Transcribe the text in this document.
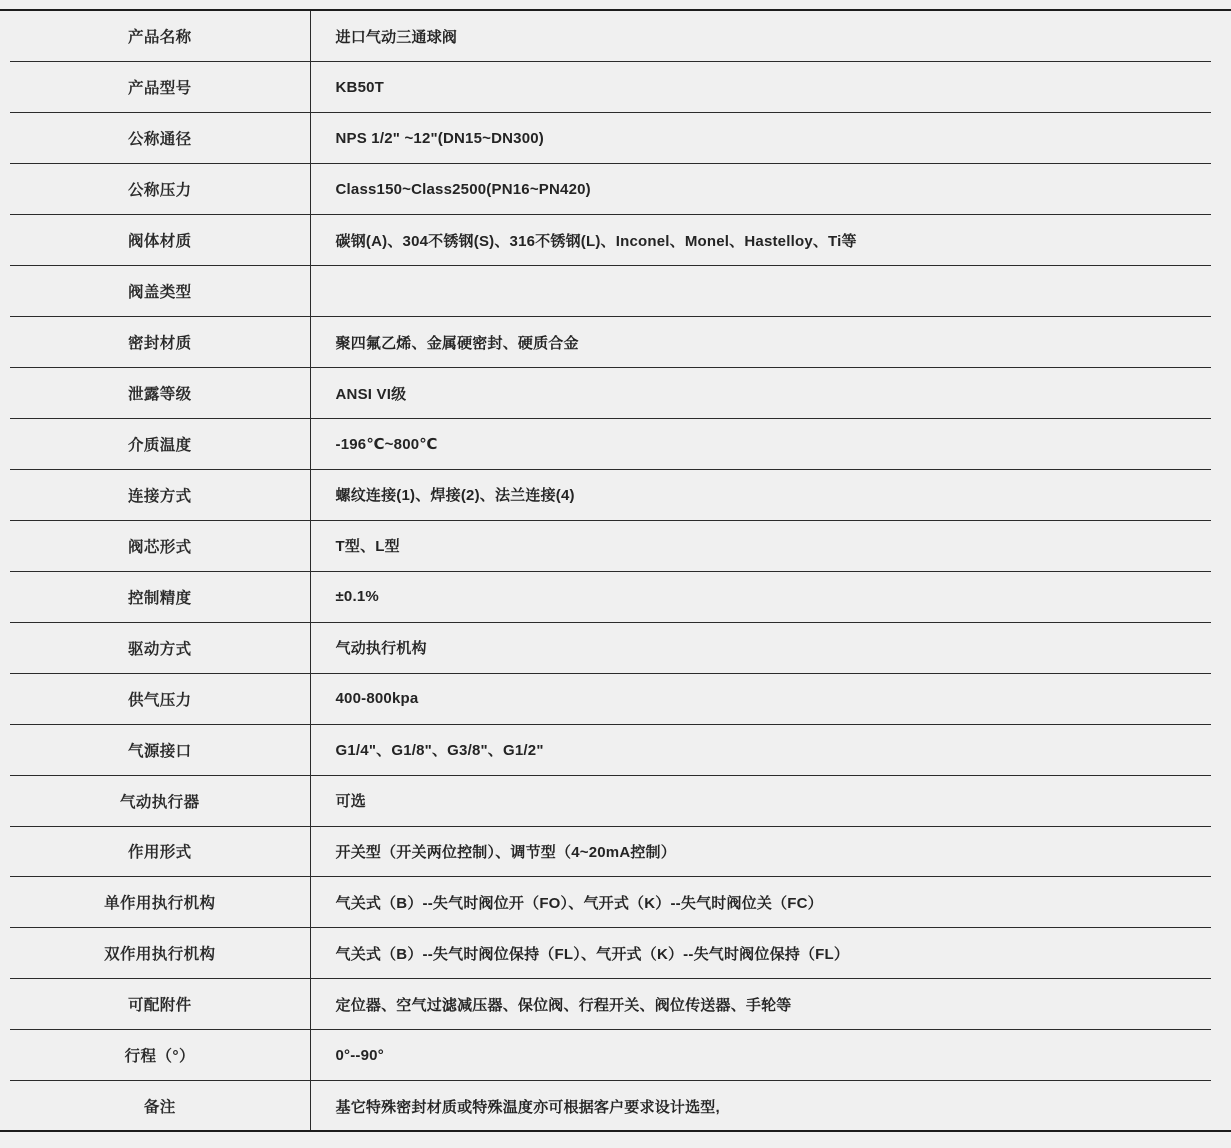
产品名称	进口气动三通球阀
产品型号	KB50T
公称通径	NPS 1/2" ~12"(DN15~DN300)
公称压力	Class150~Class2500(PN16~PN420)
阀体材质	碳钢(A)、304不锈钢(S)、316不锈钢(L)、Inconel、Monel、Hastelloy、Ti等
阀盖类型	
密封材质	聚四氟乙烯、金属硬密封、硬质合金
泄露等级	ANSI VI级
介质温度	-196℃~800℃
连接方式	螺纹连接(1)、焊接(2)、法兰连接(4)
阀芯形式	T型、L型
控制精度	±0.1%
驱动方式	气动执行机构
供气压力	400-800kpa
气源接口	G1/4"、G1/8"、G3/8"、G1/2"
气动执行器	可选
作用形式	开关型（开关两位控制）、调节型（4~20mA控制）
单作用执行机构	气关式（B）--失气时阀位开（FO）、气开式（K）--失气时阀位关（FC）
双作用执行机构	气关式（B）--失气时阀位保持（FL）、气开式（K）--失气时阀位保持（FL）
可配附件	定位器、空气过滤减压器、保位阀、行程开关、阀位传送器、手轮等
行程（°）	0°--90°
备注	基它特殊密封材质或特殊温度亦可根据客户要求设计选型,
